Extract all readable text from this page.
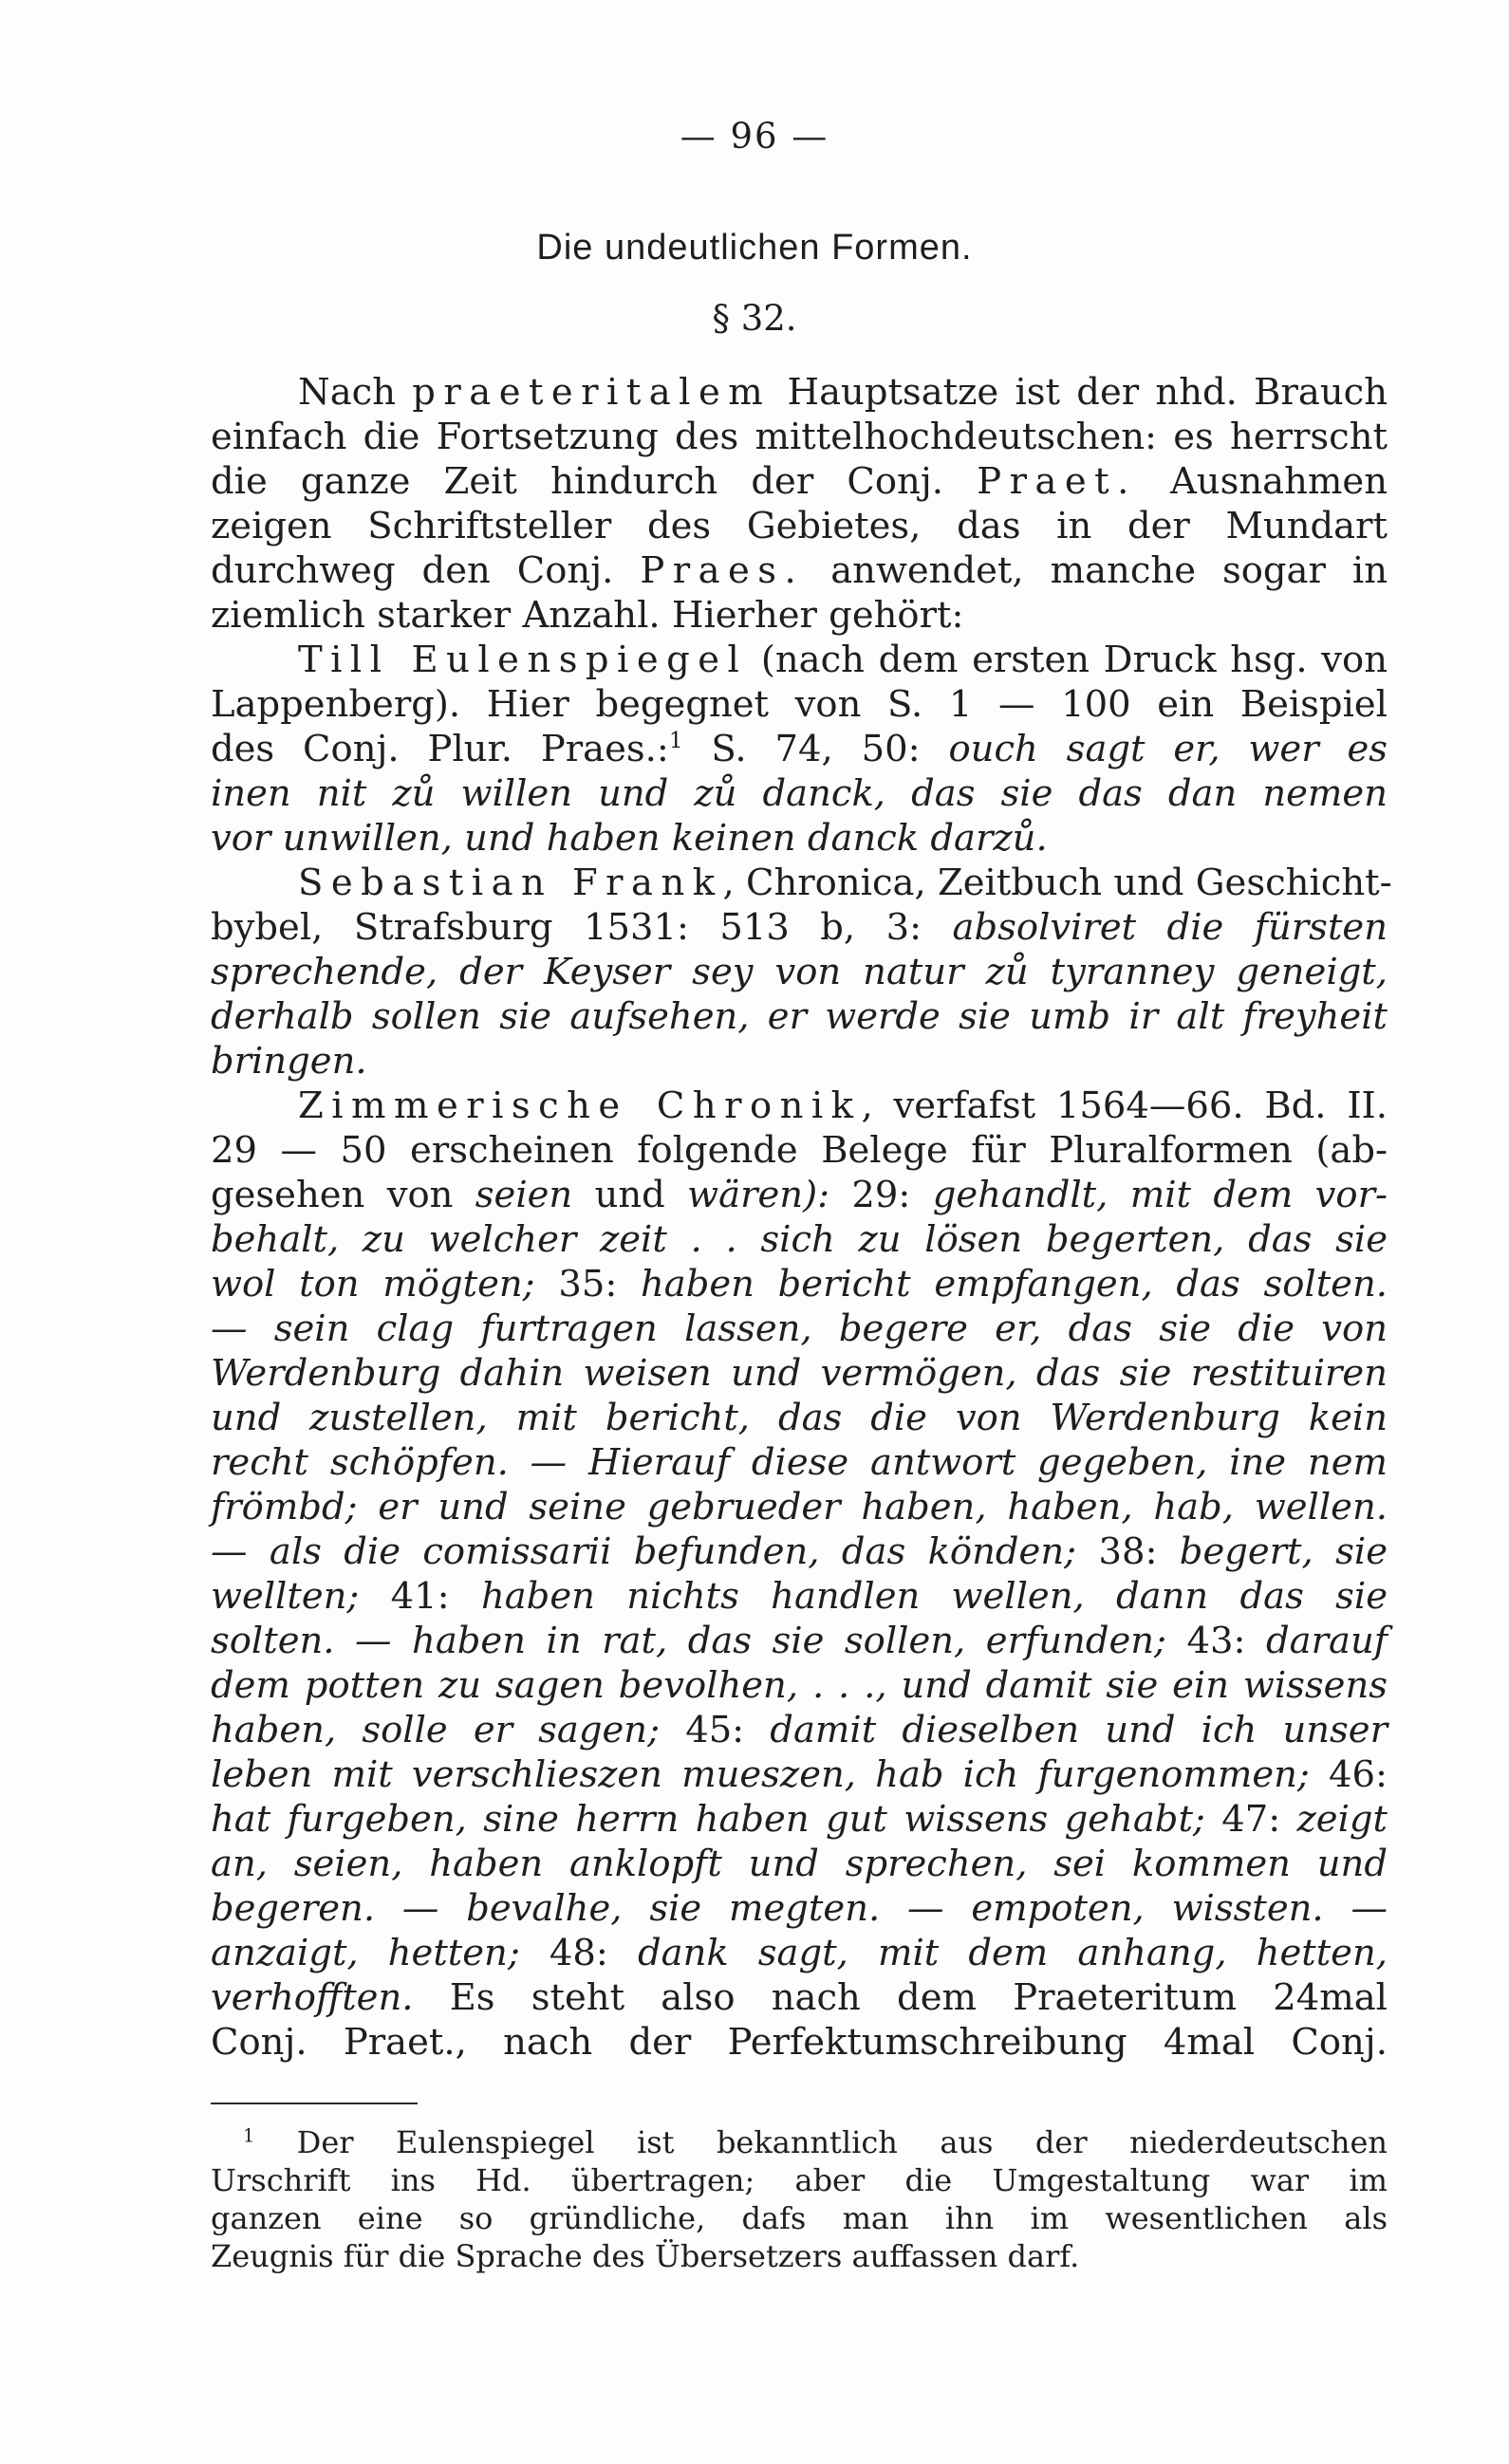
— 96 —
Die undeutlichen Formen.
§ 32.
Nach praeteritalem Hauptsatze ist der nhd. Brauch
einfach die Fortsetzung des mittelhochdeutschen: es herrscht
die ganze Zeit hindurch der Conj. Praet. Ausnahmen
zeigen Schriftsteller des Gebietes, das in der Mundart
durchweg den Conj. Praes. anwendet, manche sogar in
ziemlich starker Anzahl. Hierher gehört:
Till Eulenspiegel (nach dem ersten Druck hsg. von
Lappenberg). Hier begegnet von S. 1 — 100 ein Beispiel
des Conj. Plur. Praes.:$^1$ S. 74, 50: ouch sagt er, wer es
inen nit zů willen und zů danck, das sie das dan nemen
vor unwillen, und haben keinen danck darzů.
Sebastian Frank, Chronica, Zeitbuch und Geschicht-
bybel, Strafsburg 1531: 513 b, 3: absolviret die fürsten
sprechende, der Keyser sey von natur zů tyranney geneigt,
derhalb sollen sie aufsehen, er werde sie umb ir alt freyheit
bringen.
Zimmerische Chronik, verfafst 1564—66. Bd. II.
29 — 50 erscheinen folgende Belege für Pluralformen (ab-
gesehen von seien und wären): 29: gehandlt, mit dem vor-
behalt, zu welcher zeit . . sich zu lösen begerten, das sie
wol ton mögten; 35: haben bericht empfangen, das solten.
— sein clag furtragen lassen, begere er, das sie die von
Werdenburg dahin weisen und vermögen, das sie restituiren
und zustellen, mit bericht, das die von Werdenburg kein
recht schöpfen. — Hierauf diese antwort gegeben, ine nem
frömbd; er und seine gebrueder haben, haben, hab, wellen.
— als die comissarii befunden, das könden; 38: begert, sie
wellten; 41: haben nichts handlen wellen, dann das sie
solten. — haben in rat, das sie sollen, erfunden; 43: darauf
dem potten zu sagen bevolhen, . . ., und damit sie ein wissens
haben, solle er sagen; 45: damit dieselben und ich unser
leben mit verschlieszen mueszen, hab ich furgenommen; 46:
hat furgeben, sine herrn haben gut wissens gehabt; 47: zeigt
an, seien, haben anklopft und sprechen, sei kommen und
begeren. — bevalhe, sie megten. — empoten, wissten. —
anzaigt, hetten; 48: dank sagt, mit dem anhang, hetten,
verhofften. Es steht also nach dem Praeteritum 24mal
Conj. Praet., nach der Perfektumschreibung 4mal Conj.
$^1$ Der Eulenspiegel ist bekanntlich aus der niederdeutschen
Urschrift ins Hd. übertragen; aber die Umgestaltung war im
ganzen eine so gründliche, dafs man ihn im wesentlichen als
Zeugnis für die Sprache des Übersetzers auffassen darf.
